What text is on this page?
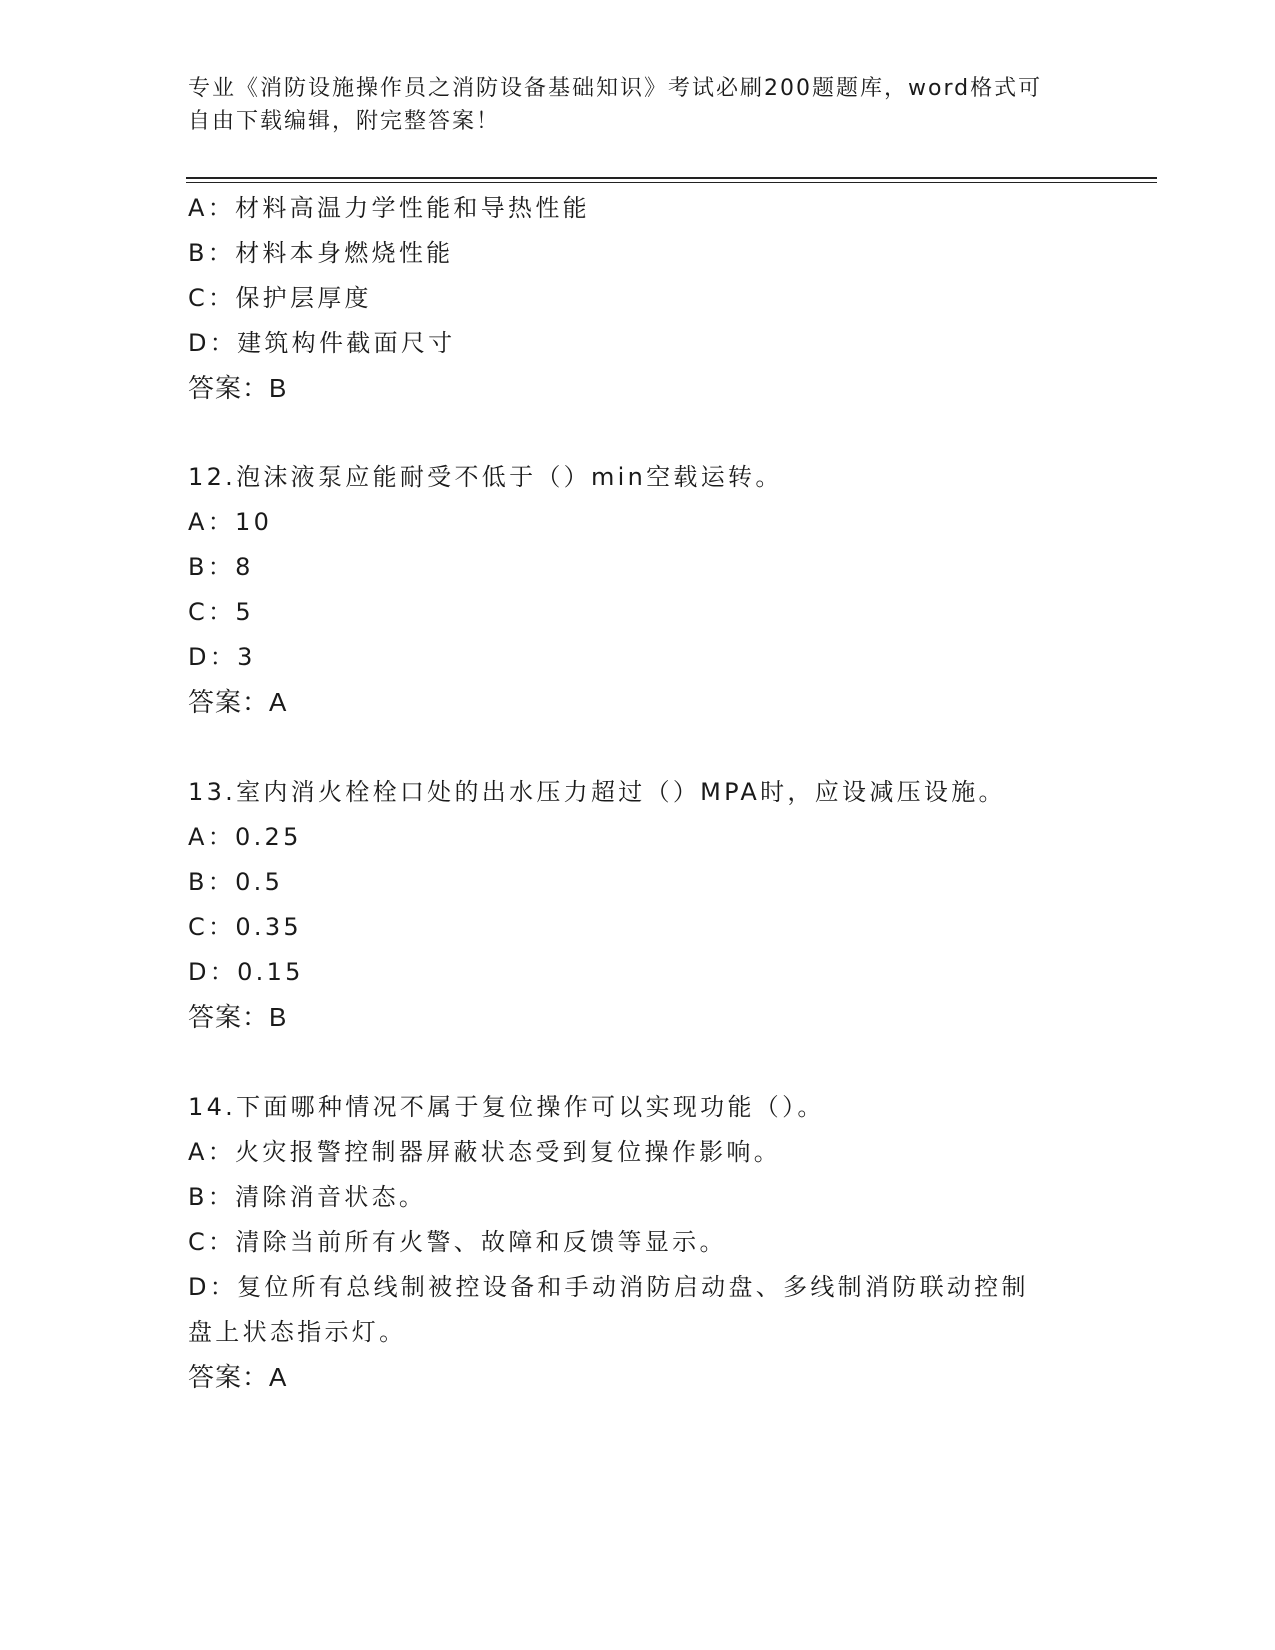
专业《消防设施操作员之消防设备基础知识》考试必刷200题题库，word格式可
自由下载编辑，附完整答案！
A：材料高温力学性能和导热性能
B：材料本身燃烧性能
C：保护层厚度
D：建筑构件截面尺寸
答案：B
12.泡沫液泵应能耐受不低于（）min空载运转。
A：10
B：8
C：5
D：3
答案：A
13.室内消火栓栓口处的出水压力超过（）MPA时，应设减压设施。
A：0.25
B：0.5
C：0.35
D：0.15
答案：B
14.下面哪种情况不属于复位操作可以实现功能（）。
A：火灾报警控制器屏蔽状态受到复位操作影响。
B：清除消音状态。
C：清除当前所有火警、故障和反馈等显示。
D：复位所有总线制被控设备和手动消防启动盘、多线制消防联动控制
盘上状态指示灯。
答案：A
